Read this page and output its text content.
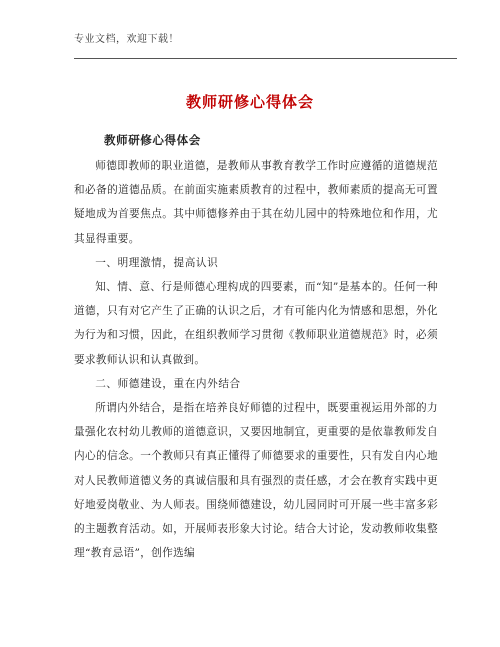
专业文档，欢迎下载！
教师研修心得体会
教师研修心得体会

师德即教师的职业道德，是教师从事教育教学工作时应遵循的道德规范和必备的道德品质。在前面实施素质教育的过程中，教师素质的提高无可置疑地成为首要焦点。其中师德修养由于其在幼儿园中的特殊地位和作用，尤其显得重要。

一、明理激情，提高认识

知、情、意、行是师德心理构成的四要素，而“知”是基本的。任何一种道德，只有对它产生了正确的认识之后，才有可能内化为情感和思想，外化为行为和习惯，因此，在组织教师学习贯彻《教师职业道德规范》时，必须要求教师认识和认真做到。

二、师德建设，重在内外结合

所谓内外结合，是指在培养良好师德的过程中，既要重视运用外部的力量强化农村幼儿教师的道德意识，又要因地制宜，更重要的是依靠教师发自内心的信念。一个教师只有真正懂得了师德要求的重要性，只有发自内心地对人民教师道德义务的真诚信服和具有强烈的责任感，才会在教育实践中更好地爱岗敬业、为人师表。围绕师德建设，幼儿园同时可开展一些丰富多彩的主题教育活动。如，开展师表形象大讨论。结合大讨论，发动教师收集整理“教育忌语”，创作选编
